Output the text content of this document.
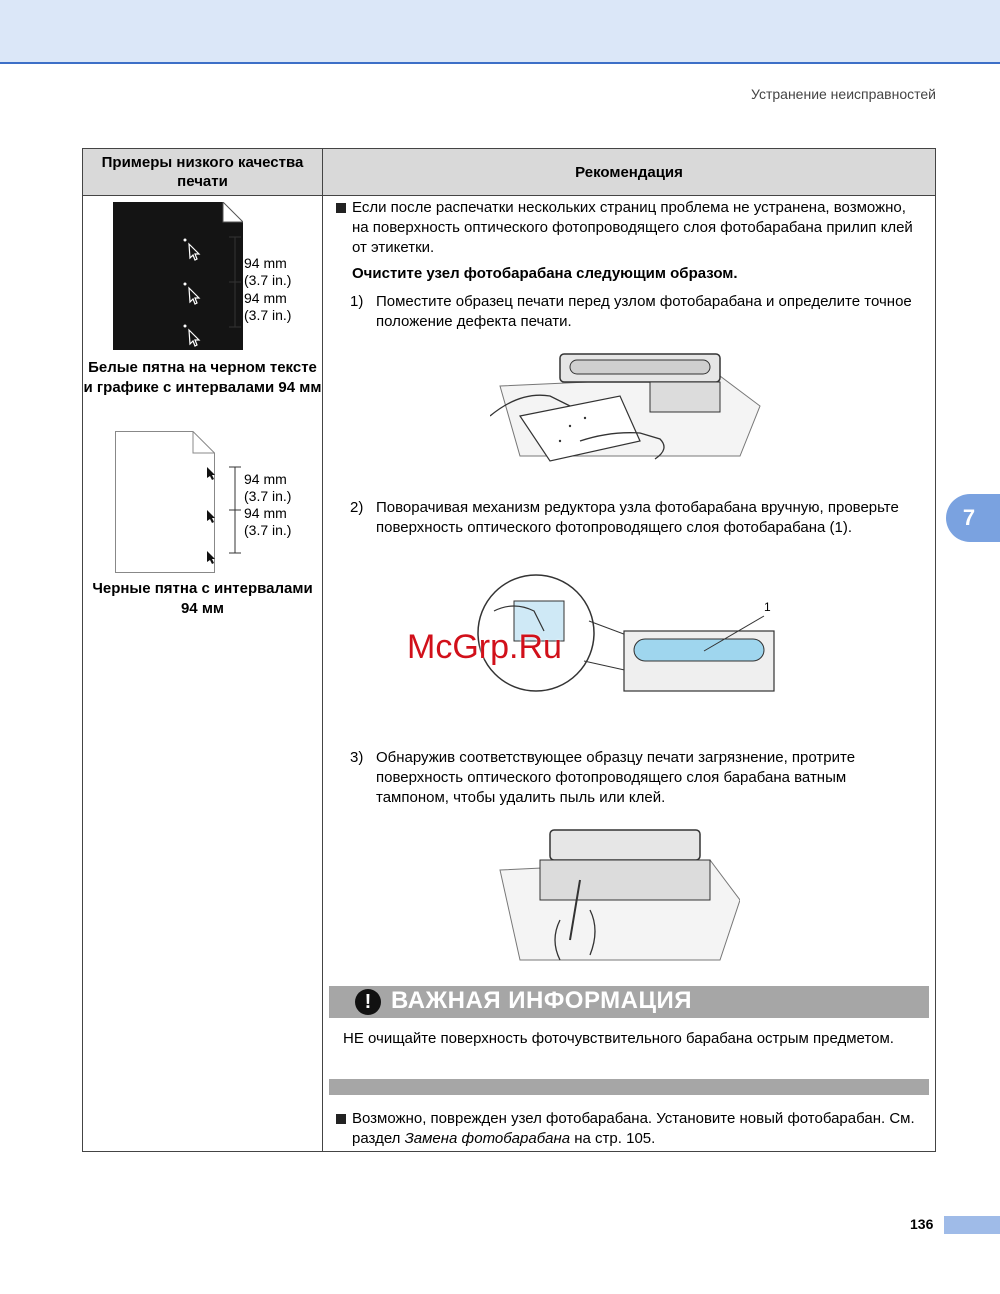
Устранение неисправностей
7
Примеры низкого качества печати
Рекомендация
94 mm
(3.7 in.)
94 mm
(3.7 in.)
Белые пятна на черном тексте и графике с интервалами 94 мм
94 mm
(3.7 in.)
94 mm
(3.7 in.)
Черные пятна с интервалами 94 мм
Если после распечатки нескольких страниц проблема не устранена, возможно, на поверхность оптического фотопроводящего слоя фотобарабана прилип клей от этикетки.
Очистите узел фотобарабана следующим образом.
1) Поместите образец печати перед узлом фотобарабана и определите точное положение дефекта печати.
2) Поворачивая механизм редуктора узла фотобарабана вручную, проверьте поверхность оптического фотопроводящего слоя фотобарабана (1).
1
3) Обнаружив соответствующее образцу печати загрязнение, протрите поверхность оптического фотопроводящего слоя барабана ватным тампоном, чтобы удалить пыль или клей.
! ВАЖНАЯ ИНФОРМАЦИЯ
НЕ очищайте поверхность фоточувствительного барабана острым предметом.
Возможно, поврежден узел фотобарабана. Установите новый фотобарабан. См. раздел Замена фотобарабана на стр. 105.
McGrp.Ru
136
